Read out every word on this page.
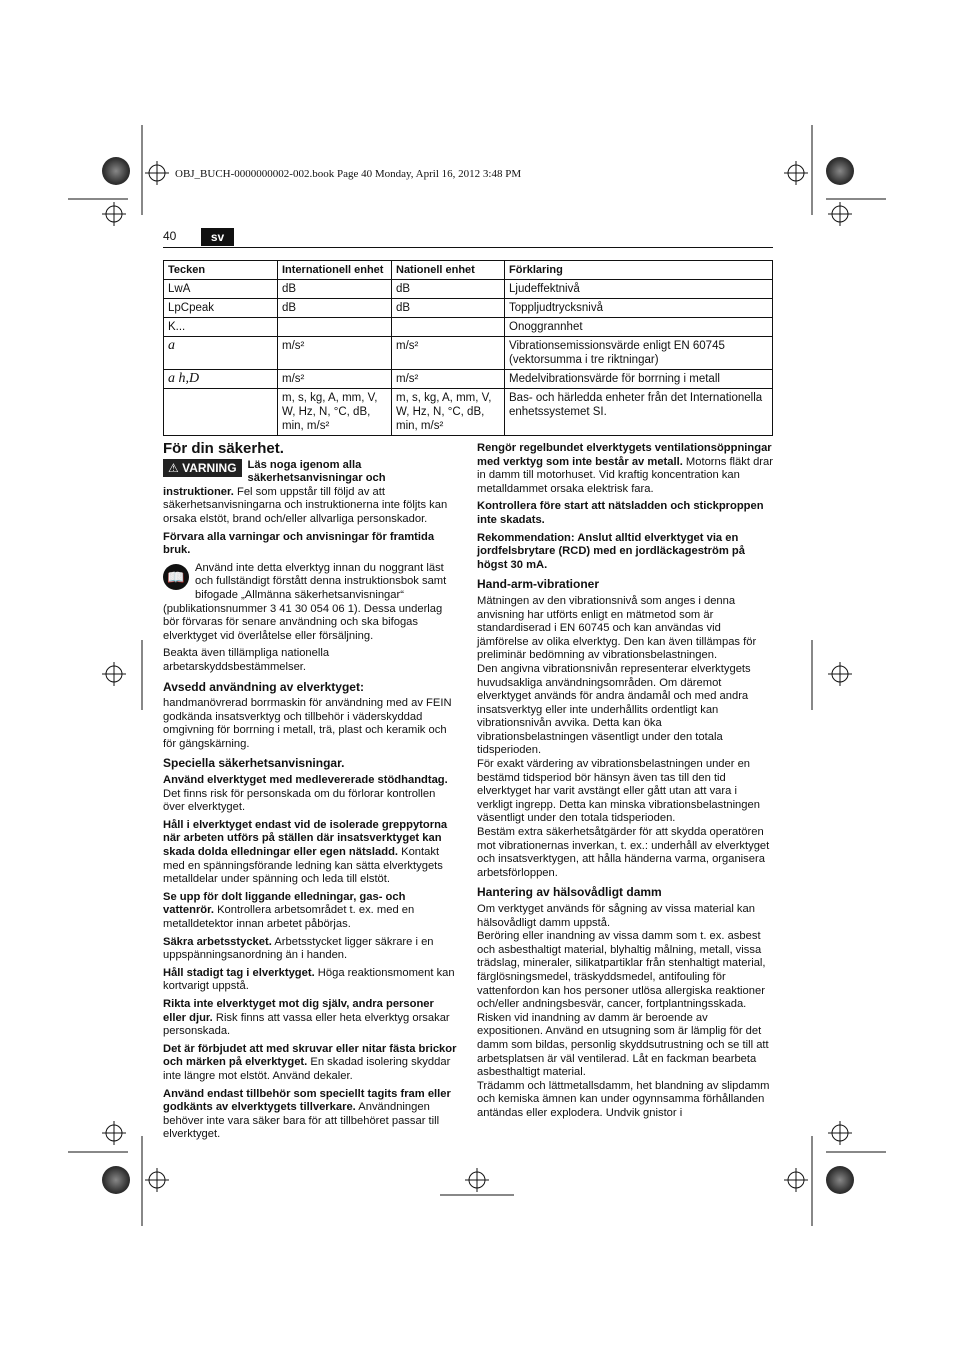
OBJ_BUCH-0000000002-002.book Page 40 Monday, April 16, 2012 3:48 PM
40	sv
Tecken	Internationell enhet	Nationell enhet	Förklaring
LwA	dB	dB	Ljudeffektnivå
LpCpeak	dB	dB	Toppljudtrycksnivå
K...			Onoggrannhet
a	m/s²	m/s²	Vibrationsemissionsvärde enligt EN 60745 (vektorsumma i tre riktningar)
a h,D	m/s²	m/s²	Medelvibrationsvärde för borrning i metall
	m, s, kg, A, mm, V, W, Hz, N, °C, dB, min, m/s²	m, s, kg, A, mm, V, W, Hz, N, °C, dB, min, m/s²	Bas- och härledda enheter från det Internationella enhetssystemet SI.
För din säkerhet.

⚠ VARNING Läs noga igenom alla säkerhetsanvisningar och instruktioner. Fel som uppstår till följd av att säkerhetsanvisningarna och instruktionerna inte följts kan orsaka elstöt, brand och/eller allvarliga personskador.

Förvara alla varningar och anvisningar för framtida bruk.

📖
Använd inte detta elverktyg innan du noggrant läst och fullständigt förstått denna instruktionsbok samt bifogade „Allmänna säkerhetsanvisningar“ (publikationsnummer 3 41 30 054 06 1). Dessa underlag bör förvaras för senare användning och ska bifogas elverktyget vid överlåtelse eller försäljning.

Beakta även tillämpliga nationella arbetarskyddsbestämmelser.

Avsedd användning av elverktyget:

handmanövrerad borrmaskin för användning med av FEIN godkända insatsverktyg och tillbehör i väderskyddad omgivning för borrning i metall, trä, plast och keramik och för gängskärning.

Speciella säkerhetsanvisningar.

Använd elverktyget med medlevererade stödhandtag. Det finns risk för personskada om du förlorar kontrollen över elverktyget.

Håll i elverktyget endast vid de isolerade greppytorna när arbeten utförs på ställen där insatsverktyget kan skada dolda elledningar eller egen nätsladd. Kontakt med en spänningsförande ledning kan sätta elverktygets metalldelar under spänning och leda till elstöt.

Se upp för dolt liggande elledningar, gas- och vattenrör. Kontrollera arbetsområdet t. ex. med en metalldetektor innan arbetet påbörjas.

Säkra arbetsstycket. Arbetsstycket ligger säkrare i en uppspänningsanordning än i handen.

Håll stadigt tag i elverktyget. Höga reaktionsmoment kan kortvarigt uppstå.

Rikta inte elverktyget mot dig själv, andra personer eller djur. Risk finns att vassa eller heta elverktyg orsakar personskada.

Det är förbjudet att med skruvar eller nitar fästa brickor och märken på elverktyget. En skadad isolering skyddar inte längre mot elstöt. Använd dekaler.

Använd endast tillbehör som speciellt tagits fram eller godkänts av elverktygets tillverkare. Användningen behöver inte vara säker bara för att tillbehöret passar till elverktyget.

Rengör regelbundet elverktygets ventilationsöppningar med verktyg som inte består av metall. Motorns fläkt drar in damm till motorhuset. Vid kraftig koncentration kan metalldammet orsaka elektrisk fara.

Kontrollera före start att nätsladden och stickproppen inte skadats.

Rekommendation: Anslut alltid elverktyget via en jordfelsbrytare (RCD) med en jordläckageström på högst 30 mA.

Hand-arm-vibrationer

Mätningen av den vibrationsnivå som anges i denna anvisning har utförts enligt en mätmetod som är standardiserad i EN 60745 och kan användas vid jämförelse av olika elverktyg. Den kan även tillämpas för preliminär bedömning av vibrationsbelastningen.

Den angivna vibrationsnivån representerar elverktygets huvudsakliga användningsområden. Om däremot elverktyget används för andra ändamål och med andra insatsverktyg eller inte underhållits ordentligt kan vibrationsnivån avvika. Detta kan öka vibrationsbelastningen väsentligt under den totala tidsperioden.

För exakt värdering av vibrationsbelastningen under en bestämd tidsperiod bör hänsyn även tas till den tid elverktyget har varit avstängt eller gått utan att vara i verkligt ingrepp. Detta kan minska vibrationsbelastningen väsentligt under den totala tidsperioden.

Bestäm extra säkerhetsåtgärder för att skydda operatören mot vibrationernas inverkan, t. ex.: underhåll av elverktyget och insatsverktygen, att hålla händerna varma, organisera arbetsförloppen.

Hantering av hälsovådligt damm

Om verktyget används för sågning av vissa material kan hälsovådligt damm uppstå.

Beröring eller inandning av vissa damm som t. ex. asbest och asbesthaltigt material, blyhaltig målning, metall, vissa trädslag, mineraler, silikatpartiklar från stenhaltigt material, färglösningsmedel, träskyddsmedel, antifouling för vattenfordon kan hos personer utlösa allergiska reaktioner och/eller andningsbesvär, cancer, fortplantningsskada. Risken vid inandning av damm är beroende av expositionen. Använd en utsugning som är lämplig för det damm som bildas, personlig skyddsutrustning och se till att arbetsplatsen är väl ventilerad. Låt en fackman bearbeta asbesthaltigt material.

Trädamm och lättmetallsdamm, het blandning av slipdamm och kemiska ämnen kan under ogynnsamma förhållanden antändas eller explodera. Undvik gnistor i
